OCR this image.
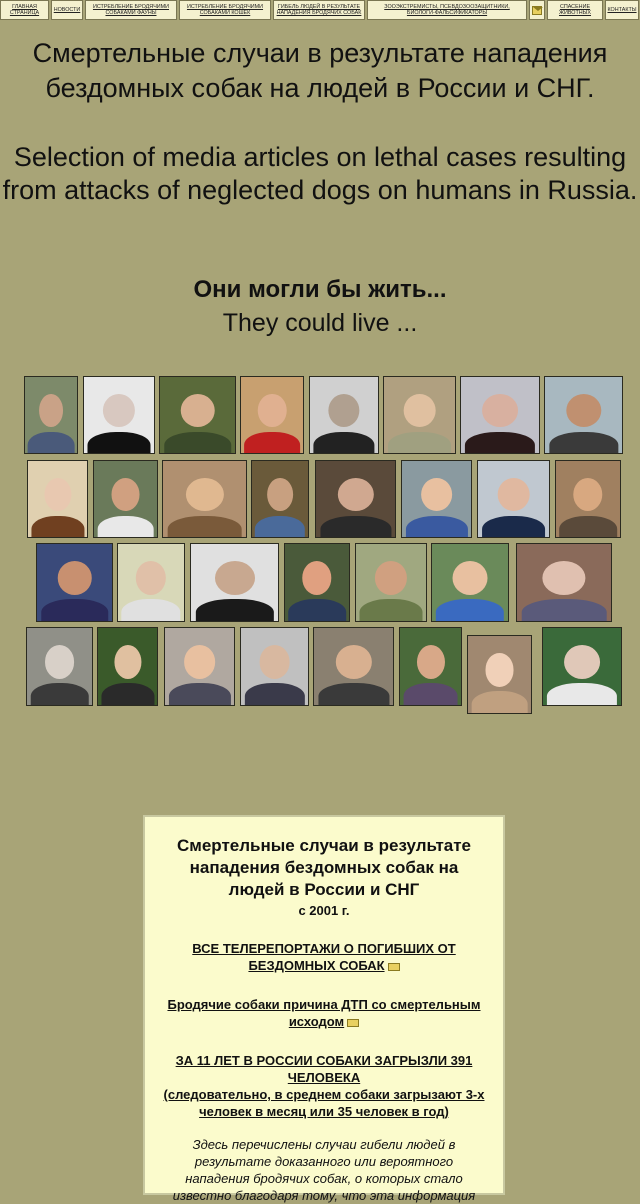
ГЛАВНАЯ СТРАНИЦА	НОВОСТИ	ИСТРЕБЛЕНИЕ БРОДЯЧИМИ СОБАКАМИ ФАУНЫ
ИСТРЕБЛЕНИЕ БРОДЯЧИМИ СОБАКАМИ КОШЕК
ГИБЕЛЬ ЛЮДЕЙ В РЕЗУЛЬТАТЕ НАПАДЕНИЯ БРОДЯЧИХ СОБАК
ЗООЭКСТРЕМИСТЫ, ПСЕВДОЗООЗАЩИТНИКИ, БИОЛОГИ-ФАЛЬСИФИКАТОРЫ
СПАСЕНИЕ ЖИВОТНЫХ	КОНТАКТЫ
Смертельные случаи в результате нападения бездомных собак на людей в России и СНГ.
Selection of media articles on lethal cases resulting from attacks of neglected dogs on humans in Russia.
Они могли бы жить...
They could live ...
Смертельные случаи в результате нападения бездомных собак на людей в России и СНГ
с 2001 г.
ВСЕ ТЕЛЕРЕПОРТАЖИ О ПОГИБШИХ ОТ БЕЗДОМНЫХ СОБАК
Бродячие собаки причина ДТП со смертельным исходом
ЗА 11 ЛЕТ В РОССИИ СОБАКИ ЗАГРЫЗЛИ 391 ЧЕЛОВЕКА
(следовательно, в среднем собаки загрызают 3-х человек в месяц или 35 человек в год)
Здесь перечислены случаи гибели людей в результате доказанного или вероятного нападения бродячих собак, о которых стало известно благодаря тому, что эта информация
